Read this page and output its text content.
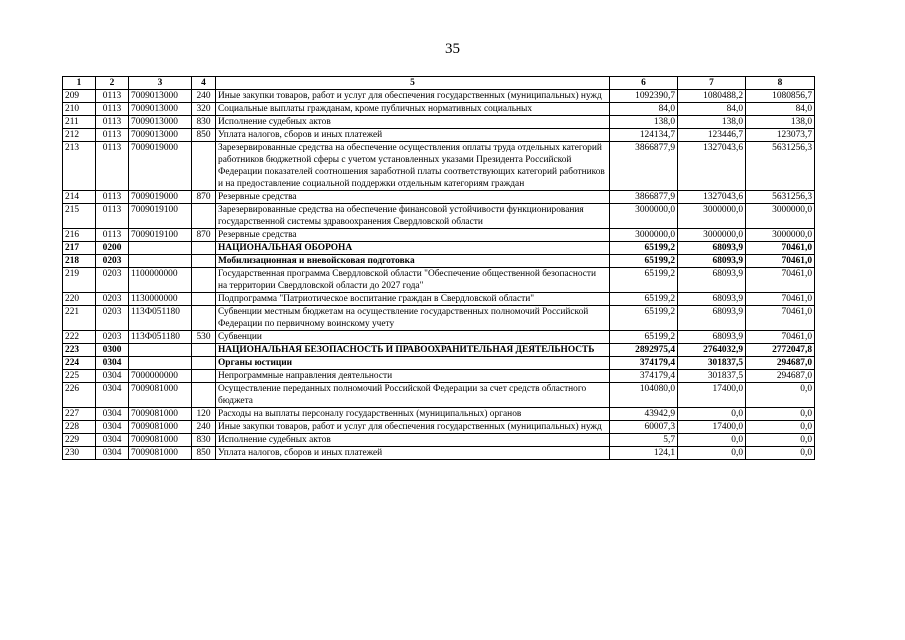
35
1	2	3	4	5	6	7	8
209	0113	7009013000	240	Иные закупки товаров, работ и услуг для обеспечения государственных (муниципальных) нужд	1092390,7	1080488,2	1080856,7
210	0113	7009013000	320	Социальные выплаты гражданам, кроме публичных нормативных социальных	84,0	84,0	84,0
211	0113	7009013000	830	Исполнение судебных актов	138,0	138,0	138,0
212	0113	7009013000	850	Уплата налогов, сборов и иных платежей	124134,7	123446,7	123073,7
213	0113	7009019000		Зарезервированные средства на обеспечение осуществления оплаты труда отдельных категорий работников бюджетной сферы с учетом установленных указами Президента Российской Федерации показателей соотношения заработной платы соответствующих категорий работников и на предоставление социальной поддержки отдельным категориям граждан	3866877,9	1327043,6	5631256,3
214	0113	7009019000	870	Резервные средства	3866877,9	1327043,6	5631256,3
215	0113	7009019100		Зарезервированные средства на обеспечение финансовой устойчивости функционирования государственной системы здравоохранения Свердловской области	3000000,0	3000000,0	3000000,0
216	0113	7009019100	870	Резервные средства	3000000,0	3000000,0	3000000,0
217	0200			НАЦИОНАЛЬНАЯ ОБОРОНА	65199,2	68093,9	70461,0
218	0203			Мобилизационная и вневойсковая подготовка	65199,2	68093,9	70461,0
219	0203	1100000000		Государственная программа Свердловской области "Обеспечение общественной безопасности на территории Свердловской области до 2027 года"	65199,2	68093,9	70461,0
220	0203	1130000000		Подпрограмма "Патриотическое воспитание граждан в Свердловской области"	65199,2	68093,9	70461,0
221	0203	113Ф051180		Субвенции местным бюджетам на осуществление государственных полномочий Российской Федерации по первичному воинскому учету	65199,2	68093,9	70461,0
222	0203	113Ф051180	530	Субвенции	65199,2	68093,9	70461,0
223	0300			НАЦИОНАЛЬНАЯ БЕЗОПАСНОСТЬ И ПРАВООХРАНИТЕЛЬНАЯ ДЕЯТЕЛЬНОСТЬ	2892975,4	2764032,9	2772047,8
224	0304			Органы юстиции	374179,4	301837,5	294687,0
225	0304	7000000000		Непрограммные направления деятельности	374179,4	301837,5	294687,0
226	0304	7009081000		Осуществление переданных полномочий Российской Федерации за счет средств областного бюджета	104080,0	17400,0	0,0
227	0304	7009081000	120	Расходы на выплаты персоналу государственных (муниципальных) органов	43942,9	0,0	0,0
228	0304	7009081000	240	Иные закупки товаров, работ и услуг для обеспечения государственных (муниципальных) нужд	60007,3	17400,0	0,0
229	0304	7009081000	830	Исполнение судебных актов	5,7	0,0	0,0
230	0304	7009081000	850	Уплата налогов, сборов и иных платежей	124,1	0,0	0,0
